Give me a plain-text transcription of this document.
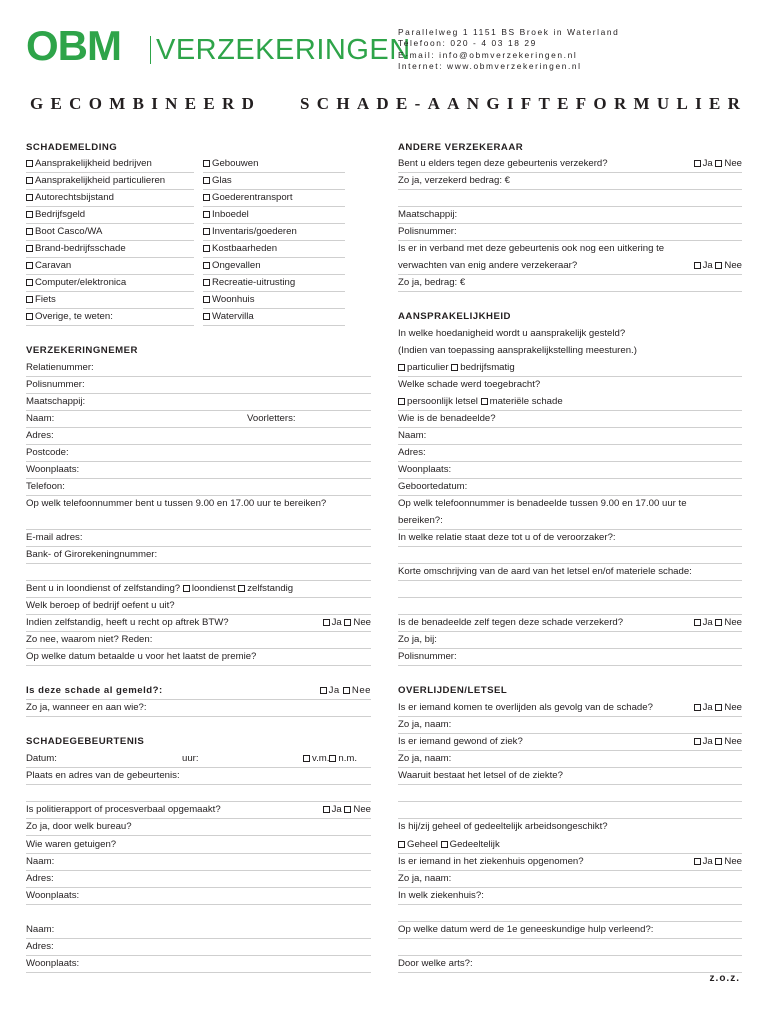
OBM VERZEKERINGEN
Parallelweg 1 1151 BS Broek in Waterland
Telefoon: 020 - 4 03 18 29
E-mail: info@obmverzekeringen.nl
Internet: www.obmverzekeringen.nl
GECOMBINEERD SCHADE-AANGIFTEFORMULIER
SCHADEMELDING
Aansprakelijkheid bedrijven
Aansprakelijkheid particulieren
Autorechtsbijstand
Bedrijfsgeld
Boot Casco/WA
Brand-bedrijfsschade
Caravan
Computer/elektronica
Fiets
Overige, te weten:
Gebouwen
Glas
Goederentransport
Inboedel
Inventaris/goederen
Kostbaarheden
Ongevallen
Recreatie-uitrusting
Woonhuis
Watervilla
VERZEKERINGNEMER
Relatienummer:
Polisnummer:
Maatschappij:
Naam:	Voorletters:
Adres:
Postcode:
Woonplaats:
Telefoon:
Op welk telefoonnummer bent u tussen 9.00 en 17.00 uur te bereiken?
E-mail adres:
Bank- of Girorekeningnummer:
Bent u in loondienst of zelfstanding? loondienst zelfstandig
Welk beroep of bedrijf oefent u uit?
Indien zelfstandig, heeft u recht op aftrek BTW?	Ja Nee
Zo nee, waarom niet? Reden:
Op welke datum betaalde u voor het laatst de premie?
Is deze schade al gemeld?:	Ja Nee
Zo ja, wanneer en aan wie?:
SCHADEGEBEURTENIS
Datum:	uur:	v.m. n.m.
Plaats en adres van de gebeurtenis:
Is politierapport of procesverbaal opgemaakt?	Ja Nee
Zo ja, door welk bureau?
Wie waren getuigen?
Naam:
Adres:
Woonplaats:
Naam:
Adres:
Woonplaats:
ANDERE VERZEKERAAR
Bent u elders tegen deze gebeurtenis verzekerd?	Ja Nee
Zo ja, verzekerd bedrag: €
Maatschappij:
Polisnummer:
Is er in verband met deze gebeurtenis ook nog een uitkering te
verwachten van enig andere verzekeraar?	Ja Nee
Zo ja, bedrag: €
AANSPRAKELIJKHEID
In welke hoedanigheid wordt u aansprakelijk gesteld?
(Indien van toepassing aansprakelijkstelling meesturen.)
particulier bedrijfsmatig
Welke schade werd toegebracht?
persoonlijk letsel materiële schade
Wie is de benadeelde?
Naam:
Adres:
Woonplaats:
Geboortedatum:
Op welk telefoonnummer is benadeelde tussen 9.00 en 17.00 uur te
bereiken?:
In welke relatie staat deze tot u of de veroorzaker?:
Korte omschrijving van de aard van het letsel en/of materiele schade:
Is de benadeelde zelf tegen deze schade verzekerd?	Ja Nee
Zo ja, bij:
Polisnummer:
OVERLIJDEN/LETSEL
Is er iemand komen te overlijden als gevolg van de schade?	Ja Nee
Zo ja, naam:
Is er iemand gewond of ziek?	Ja Nee
Zo ja, naam:
Waaruit bestaat het letsel of de ziekte?
Is hij/zij geheel of gedeeltelijk arbeidsongeschikt?
Geheel Gedeeltelijk
Is er iemand in het ziekenhuis opgenomen?	Ja Nee
Zo ja, naam:
In welk ziekenhuis?:
Op welke datum werd de 1e geneeskundige hulp verleend?:
Door welke arts?:
z.o.z.
